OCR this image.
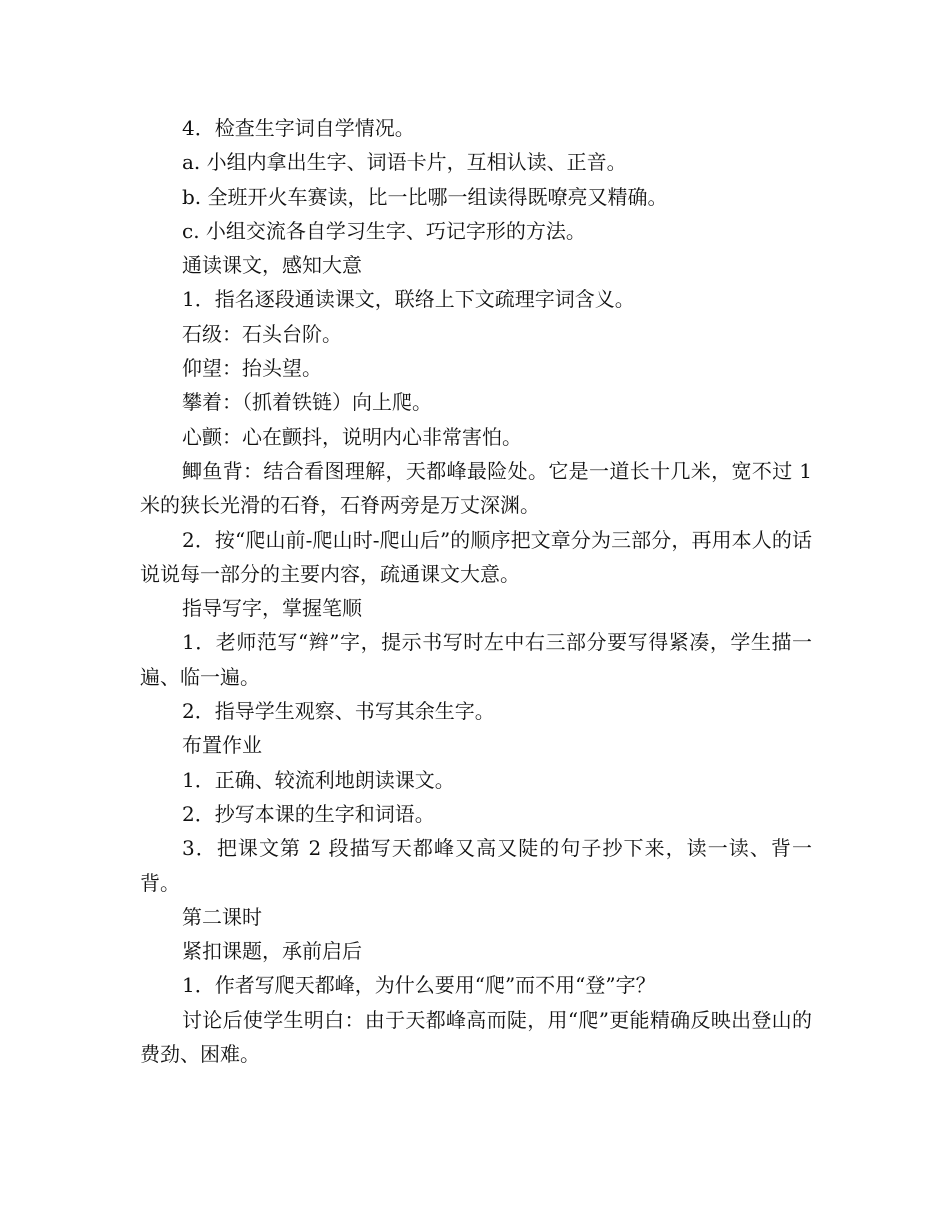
4．检查生字词自学情况。

a. 小组内拿出生字、词语卡片，互相认读、正音。

b. 全班开火车赛读，比一比哪一组读得既嘹亮又精确。

c. 小组交流各自学习生字、巧记字形的方法。

通读课文，感知大意

1．指名逐段通读课文，联络上下文疏理字词含义。

石级：石头台阶。

仰望：抬头望。

攀着：（抓着铁链）向上爬。

心颤：心在颤抖，说明内心非常害怕。

鲫鱼背：结合看图理解，天都峰最险处。它是一道长十几米，宽不过 1 米的狭长光滑的石脊，石脊两旁是万丈深渊。

2．按“爬山前-爬山时-爬山后”的顺序把文章分为三部分，再用本人的话说说每一部分的主要内容，疏通课文大意。

指导写字，掌握笔顺

1．老师范写“辫”字，提示书写时左中右三部分要写得紧凑，学生描一遍、临一遍。

2．指导学生观察、书写其余生字。

布置作业

1．正确、较流利地朗读课文。

2．抄写本课的生字和词语。

3．把课文第 2 段描写天都峰又高又陡的句子抄下来，读一读、背一背。

第二课时

紧扣课题，承前启后

1．作者写爬天都峰，为什么要用“爬”而不用“登”字？

讨论后使学生明白：由于天都峰高而陡，用“爬”更能精确反映出登山的费劲、困难。
